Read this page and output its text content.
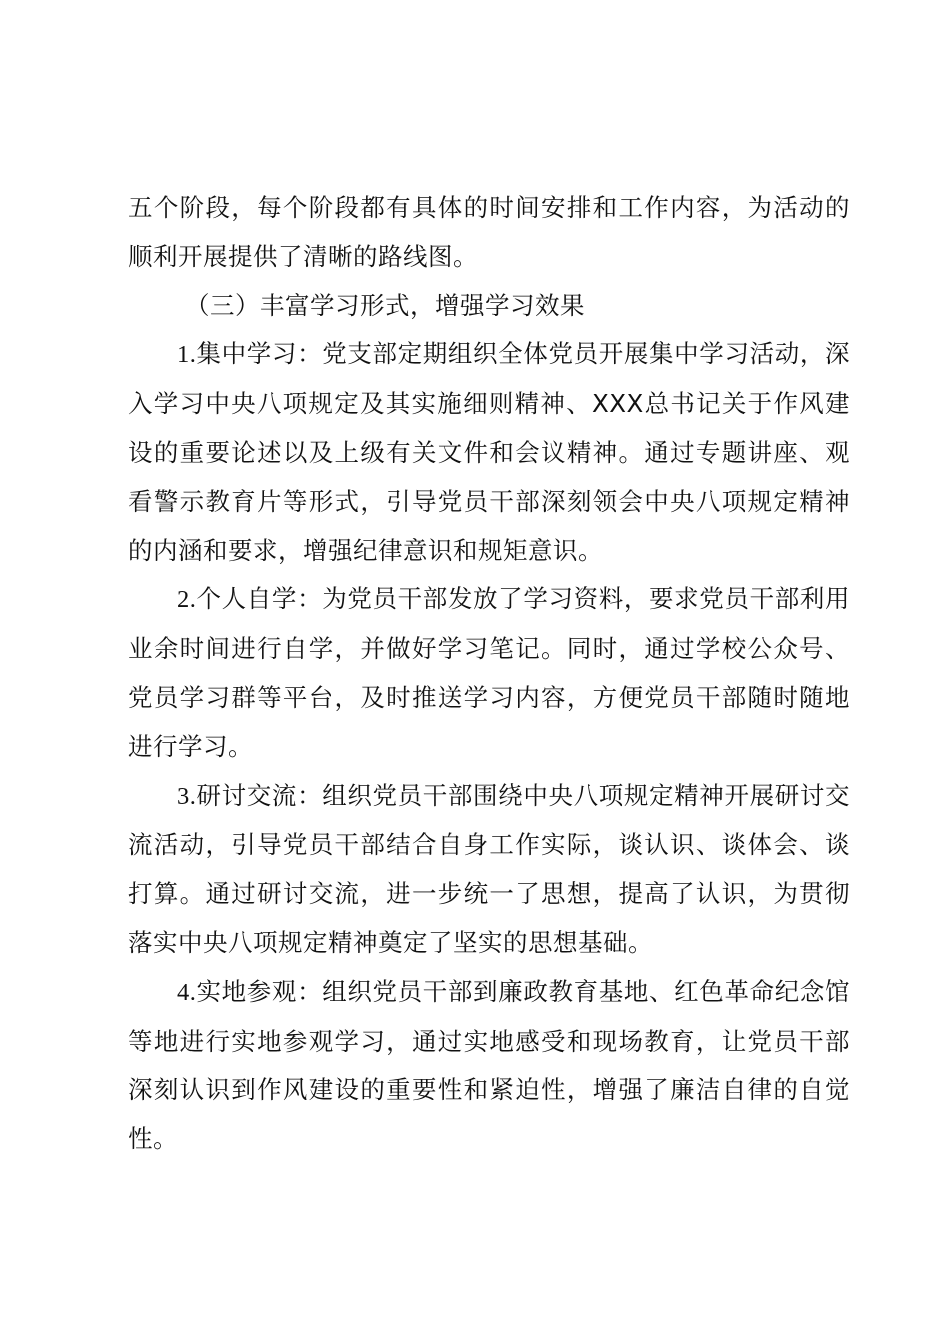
五个阶段，每个阶段都有具体的时间安排和工作内容，为活动的顺利开展提供了清晰的路线图。

（三）丰富学习形式，增强学习效果

1.集中学习：党支部定期组织全体党员开展集中学习活动，深入学习中央八项规定及其实施细则精神、XXX总书记关于作风建设的重要论述以及上级有关文件和会议精神。通过专题讲座、观看警示教育片等形式，引导党员干部深刻领会中央八项规定精神的内涵和要求，增强纪律意识和规矩意识。

2.个人自学：为党员干部发放了学习资料，要求党员干部利用业余时间进行自学，并做好学习笔记。同时，通过学校公众号、党员学习群等平台，及时推送学习内容，方便党员干部随时随地进行学习。

3.研讨交流：组织党员干部围绕中央八项规定精神开展研讨交流活动，引导党员干部结合自身工作实际，谈认识、谈体会、谈打算。通过研讨交流，进一步统一了思想，提高了认识，为贯彻落实中央八项规定精神奠定了坚实的思想基础。

4.实地参观：组织党员干部到廉政教育基地、红色革命纪念馆等地进行实地参观学习，通过实地感受和现场教育，让党员干部深刻认识到作风建设的重要性和紧迫性，增强了廉洁自律的自觉性。
